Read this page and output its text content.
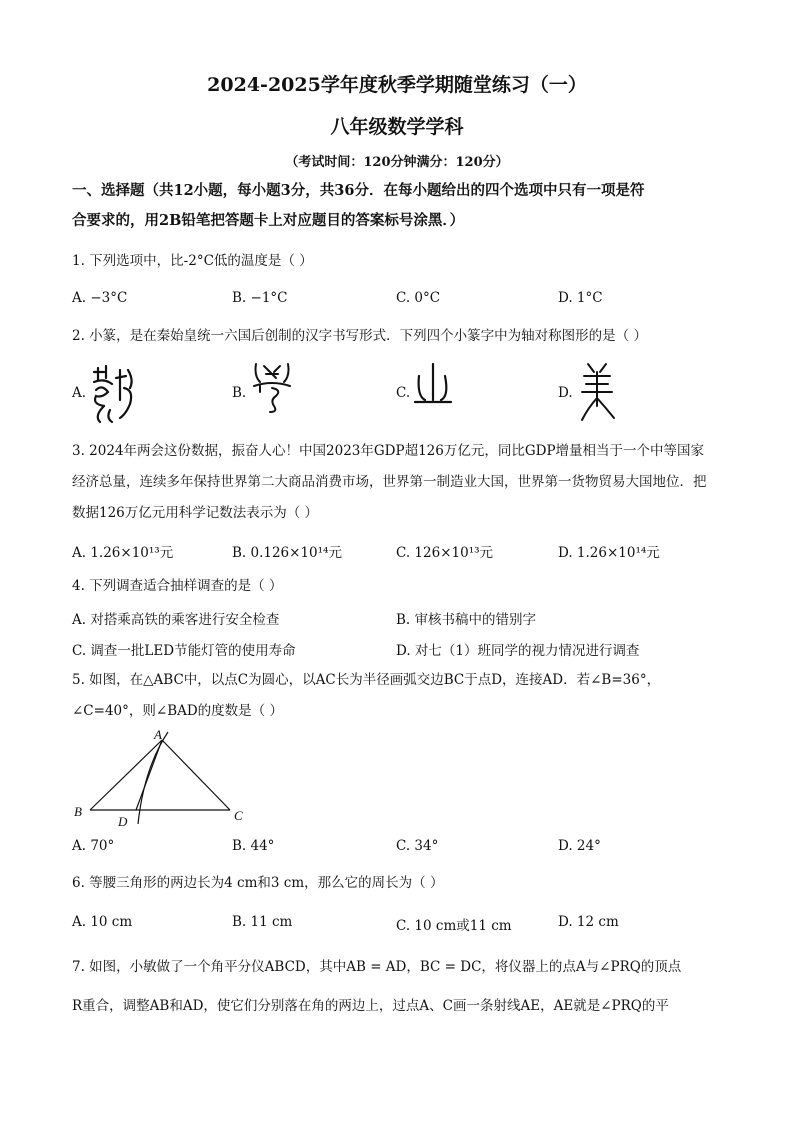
2024-2025学年度秋季学期随堂练习（一）
八年级数学学科
（考试时间：120分钟满分：120分）
一、选择题（共12小题，每小题3分，共36分．在每小题给出的四个选项中只有一项是符
合要求的，用2B铅笔把答题卡上对应题目的答案标号涂黑．）
1. 下列选项中，比-2°C低的温度是（ ）
A. −3°C	B. −1°C	C. 0°C	D. 1°C
2. 小篆，是在秦始皇统一六国后创制的汉字书写形式．下列四个小篆字中为轴对称图形的是（ ）
A.	B.	C.	D.
3. 2024年两会这份数据，振奋人心！中国2023年GDP超126万亿元，同比GDP增量相当于一个中等国家
经济总量，连续多年保持世界第二大商品消费市场，世界第一制造业大国，世界第一货物贸易大国地位．把
数据126万亿元用科学记数法表示为（ ）
A. 1.26×10¹³元	B. 0.126×10¹⁴元	C. 126×10¹³元	D. 1.26×10¹⁴元
4. 下列调查适合抽样调查的是（ ）
A. 对搭乘高铁的乘客进行安全检查	B. 审核书稿中的错别字
C. 调查一批LED节能灯管的使用寿命	D. 对七（1）班同学的视力情况进行调查
5. 如图，在△ABC中，以点C为圆心，以AC长为半径画弧交边BC于点D，连接AD．若∠B=36°，
∠C=40°，则∠BAD的度数是（ ）
A
B	C
D
A. 70°	B. 44°	C. 34°	D. 24°
6. 等腰三角形的两边长为4 cm和3 cm，那么它的周长为（ ）
A. 10 cm	B. 11 cm	C. 10 cm或11 cm	D. 12 cm
7. 如图，小敏做了一个角平分仪ABCD，其中AB = AD，BC = DC，将仪器上的点A与∠PRQ的顶点
R重合，调整AB和AD，使它们分别落在角的两边上，过点A、C画一条射线AE，AE就是∠PRQ的平
